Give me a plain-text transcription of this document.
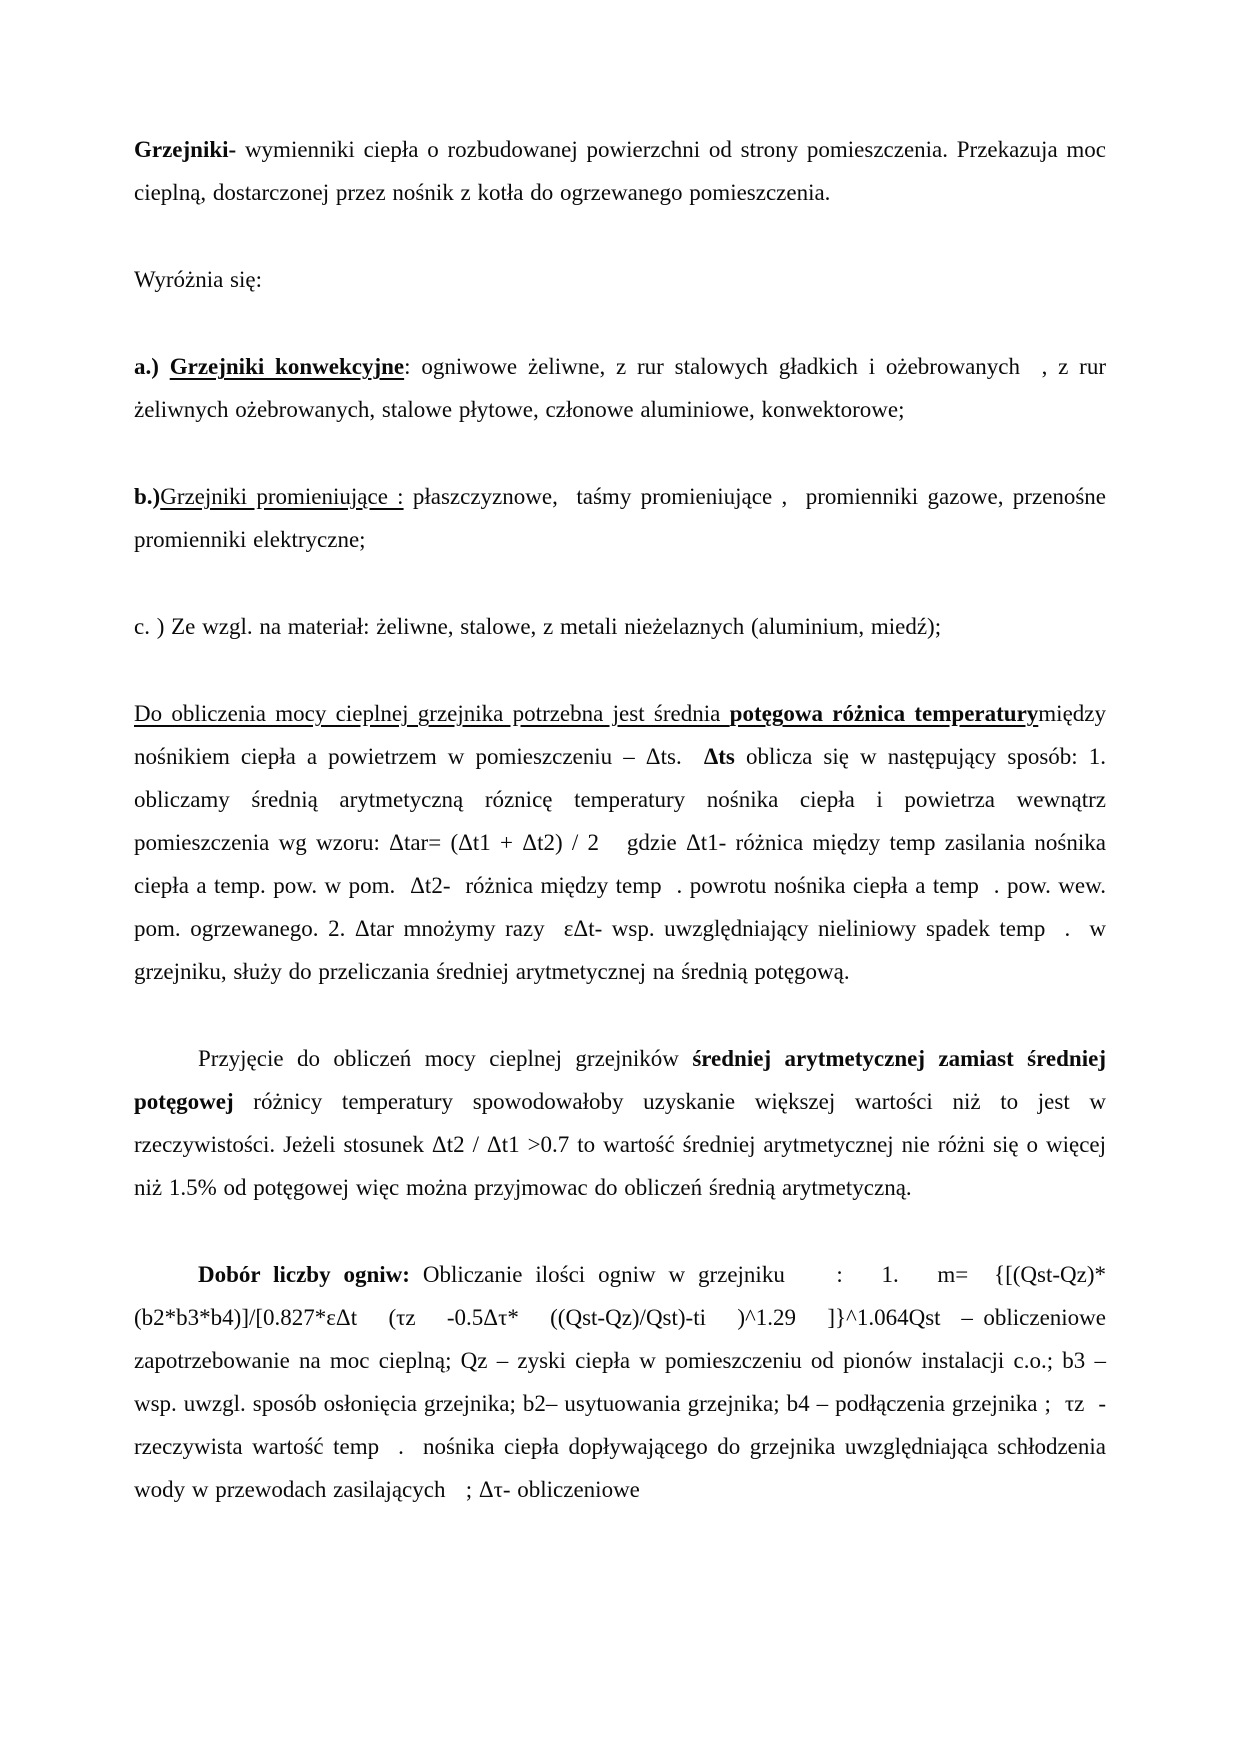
Grzejniki- wymienniki ciepła o rozbudowanej powierzchni od strony pomieszczenia. Przekazuja moc cieplną, dostarczonej przez nośnik z kotła do ogrzewanego pomieszczenia.

Wyróżnia się:

a.) Grzejniki konwekcyjne: ogniwowe żeliwne, z rur stalowych gładkich i ożebrowanych  , z rur żeliwnych ożebrowanych, stalowe płytowe, członowe aluminiowe, konwektorowe;

b.)Grzejniki promieniujące : płaszczyznowe,  taśmy promieniujące ,  promienniki gazowe, przenośne promienniki elektryczne;

c. ) Ze wzgl. na materiał: żeliwne, stalowe, z metali nieżelaznych (aluminium, miedź);

Do obliczenia mocy cieplnej grzejnika potrzebna jest średnia potęgowa różnica temperaturymiędzy nośnikiem ciepła a powietrzem w pomieszczeniu – Δts.  Δts oblicza się w następujący sposób: 1. obliczamy średnią arytmetyczną róznicę temperatury nośnika ciepła i powietrza wewnątrz pomieszczenia wg wzoru: Δtar= (Δt1 + Δt2) / 2   gdzie Δt1- różnica między temp zasilania nośnika ciepła a temp. pow. w pom.  Δt2-  różnica między temp  . powrotu nośnika ciepła a temp  . pow. wew. pom. ogrzewanego. 2. Δtar mnożymy razy  εΔt- wsp. uwzględniający nieliniowy spadek temp  .  w grzejniku, służy do przeliczania średniej arytmetycznej na średnią potęgową.

Przyjęcie do obliczeń mocy cieplnej grzejników średniej arytmetycznej zamiast średniej potęgowej różnicy temperatury spowodowałoby uzyskanie większej wartości niż to jest w rzeczywistości. Jeżeli stosunek Δt2 / Δt1 >0.7 to wartość średniej arytmetycznej nie różni się o więcej niż 1.5% od potęgowej więc można przyjmowac do obliczeń średnią arytmetyczną.

Dobór liczby ogniw: Obliczanie ilości ogniw w grzejniku    :   1.   m=  {[(Qst-Qz)*(b2*b3*b4)]/[0.827*εΔt   (τz   -0.5Δτ*   ((Qst-Qz)/Qst)-ti   )^1.29   ]}^1.064Qst  – obliczeniowe zapotrzebowanie na moc cieplną; Qz – zyski ciepła w pomieszczeniu od pionów instalacji c.o.; b3 – wsp. uwzgl. sposób osłonięcia grzejnika; b2– usytuowania grzejnika; b4 – podłączenia grzejnika ;  τz  -rzeczywista wartość temp  .  nośnika ciepła dopływającego do grzejnika uwzględniająca schłodzenia wody w przewodach zasilających   ; Δτ- obliczeniowe
